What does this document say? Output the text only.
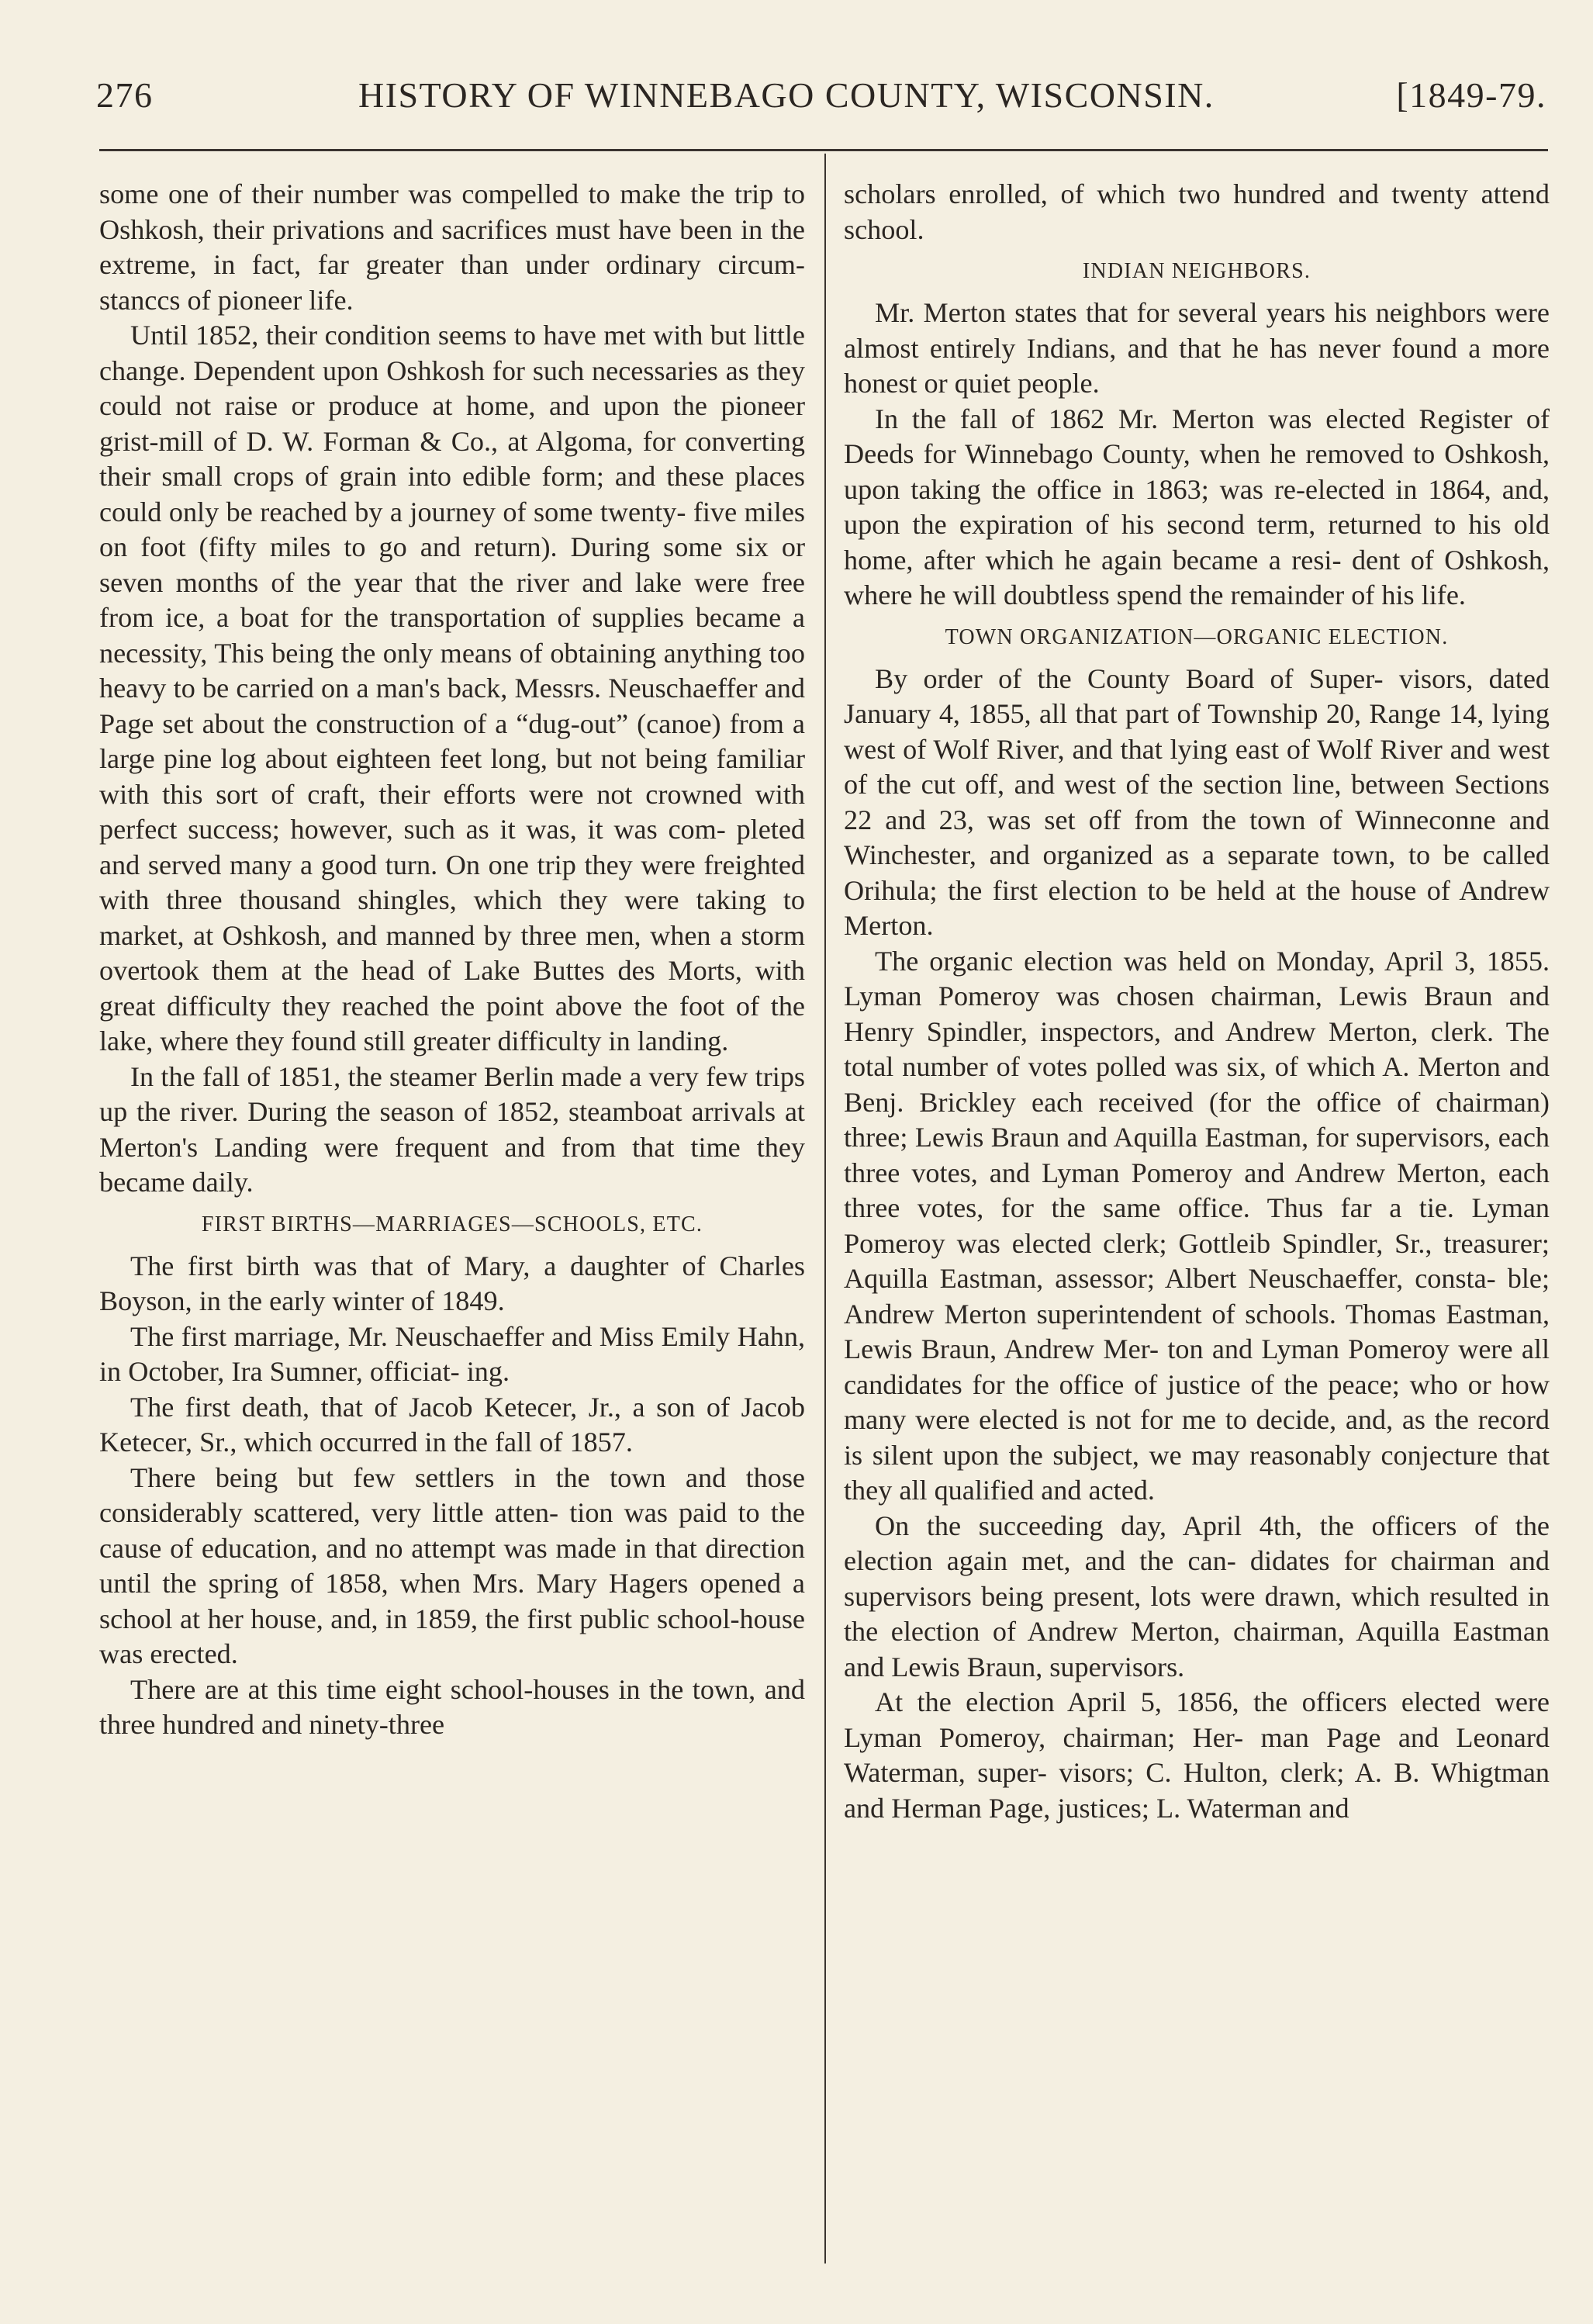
276	HISTORY OF WINNEBAGO COUNTY, WISCONSIN.	[1849-79.

some one of their number was compelled to make the trip to Oshkosh, their privations and sacrifices must have been in the extreme, in fact, far greater than under ordinary circum- stanccs of pioneer life.

Until 1852, their condition seems to have met with but little change. Dependent upon Oshkosh for such necessaries as they could not raise or produce at home, and upon the pioneer grist-mill of D. W. Forman & Co., at Algoma, for converting their small crops of grain into edible form; and these places could only be reached by a journey of some twenty- five miles on foot (fifty miles to go and return). During some six or seven months of the year that the river and lake were free from ice, a boat for the transportation of supplies became a necessity, This being the only means of obtaining anything too heavy to be carried on a man's back, Messrs. Neuschaeffer and Page set about the construction of a “dug-out” (canoe) from a large pine log about eighteen feet long, but not being familiar with this sort of craft, their efforts were not crowned with perfect success; however, such as it was, it was com- pleted and served many a good turn. On one trip they were freighted with three thousand shingles, which they were taking to market, at Oshkosh, and manned by three men, when a storm overtook them at the head of Lake Buttes des Morts, with great difficulty they reached the point above the foot of the lake, where they found still greater difficulty in landing.

In the fall of 1851, the steamer Berlin made a very few trips up the river. During the season of 1852, steamboat arrivals at Merton's Landing were frequent and from that time they became daily.

FIRST BIRTHS—MARRIAGES—SCHOOLS, ETC.

The first birth was that of Mary, a daughter of Charles Boyson, in the early winter of 1849.

The first marriage, Mr. Neuschaeffer and Miss Emily Hahn, in October, Ira Sumner, officiat- ing.

The first death, that of Jacob Ketecer, Jr., a son of Jacob Ketecer, Sr., which occurred in the fall of 1857.

There being but few settlers in the town and those considerably scattered, very little atten- tion was paid to the cause of education, and no attempt was made in that direction until the spring of 1858, when Mrs. Mary Hagers opened a school at her house, and, in 1859, the first public school-house was erected.

There are at this time eight school-houses in the town, and three hundred and ninety-three

scholars enrolled, of which two hundred and twenty attend school.

INDIAN NEIGHBORS.

Mr. Merton states that for several years his neighbors were almost entirely Indians, and that he has never found a more honest or quiet people.

In the fall of 1862 Mr. Merton was elected Register of Deeds for Winnebago County, when he removed to Oshkosh, upon taking the office in 1863; was re-elected in 1864, and, upon the expiration of his second term, returned to his old home, after which he again became a resi- dent of Oshkosh, where he will doubtless spend the remainder of his life.

TOWN ORGANIZATION—ORGANIC ELECTION.

By order of the County Board of Super- visors, dated January 4, 1855, all that part of Township 20, Range 14, lying west of Wolf River, and that lying east of Wolf River and west of the cut off, and west of the section line, between Sections 22 and 23, was set off from the town of Winneconne and Winchester, and organized as a separate town, to be called Orihula; the first election to be held at the house of Andrew Merton.

The organic election was held on Monday, April 3, 1855. Lyman Pomeroy was chosen chairman, Lewis Braun and Henry Spindler, inspectors, and Andrew Merton, clerk. The total number of votes polled was six, of which A. Merton and Benj. Brickley each received (for the office of chairman) three; Lewis Braun and Aquilla Eastman, for supervisors, each three votes, and Lyman Pomeroy and Andrew Merton, each three votes, for the same office. Thus far a tie. Lyman Pomeroy was elected clerk; Gottleib Spindler, Sr., treasurer; Aquilla Eastman, assessor; Albert Neuschaeffer, consta- ble; Andrew Merton superintendent of schools. Thomas Eastman, Lewis Braun, Andrew Mer- ton and Lyman Pomeroy were all candidates for the office of justice of the peace; who or how many were elected is not for me to decide, and, as the record is silent upon the subject, we may reasonably conjecture that they all qualified and acted.

On the succeeding day, April 4th, the officers of the election again met, and the can- didates for chairman and supervisors being present, lots were drawn, which resulted in the election of Andrew Merton, chairman, Aquilla Eastman and Lewis Braun, supervisors.

At the election April 5, 1856, the officers elected were Lyman Pomeroy, chairman; Her- man Page and Leonard Waterman, super- visors; C. Hulton, clerk; A. B. Whigtman and Herman Page, justices; L. Waterman and
